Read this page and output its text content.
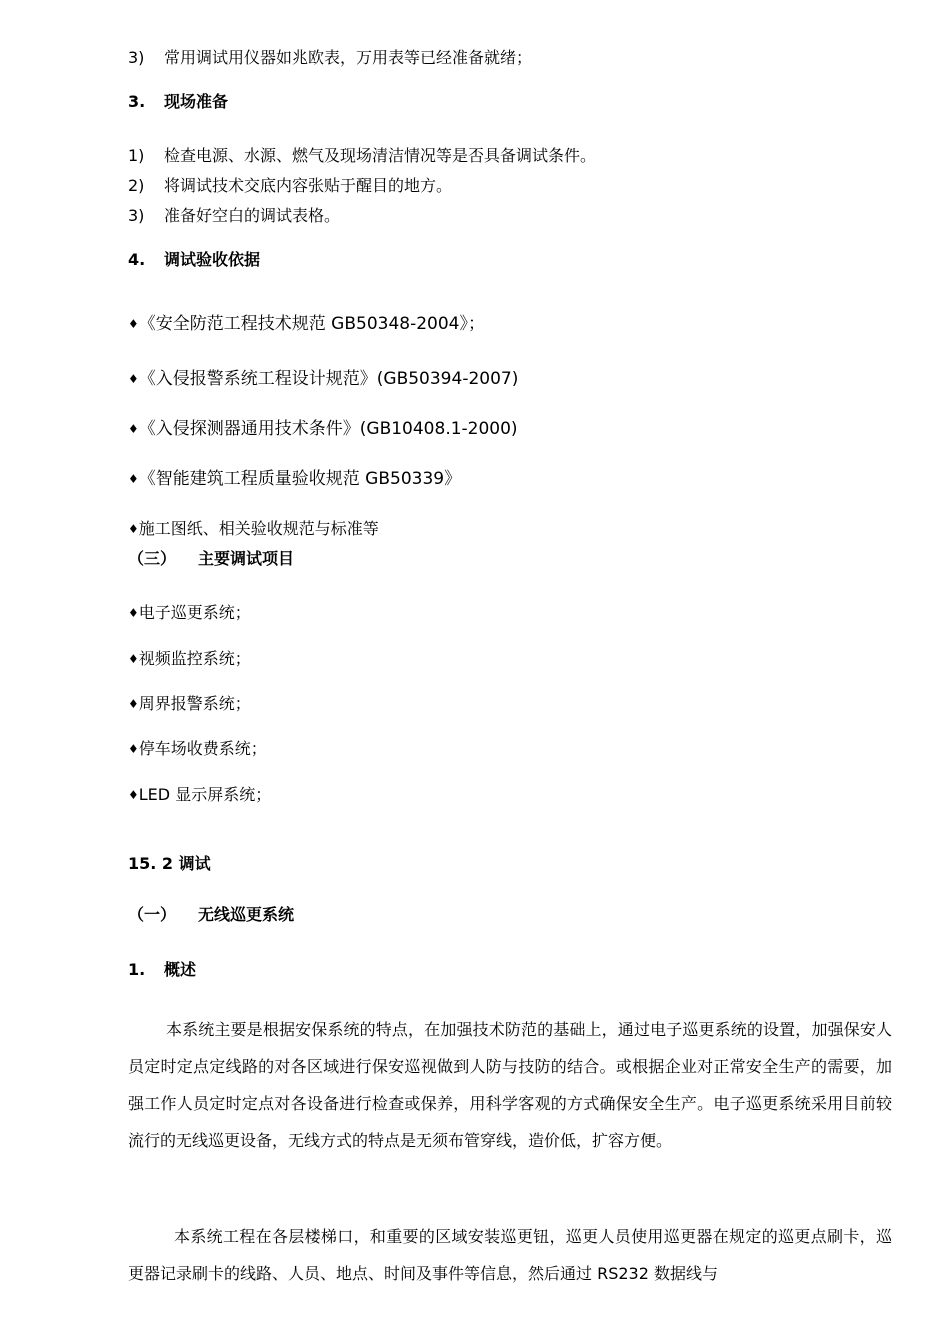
3) 常用调试用仪器如兆欧表，万用表等已经准备就绪；
3. 现场准备
1) 检查电源、水源、燃气及现场清洁情况等是否具备调试条件。
2) 将调试技术交底内容张贴于醒目的地方。
3) 准备好空白的调试表格。
4. 调试验收依据
♦《安全防范工程技术规范 GB50348-2004》；
♦《入侵报警系统工程设计规范》(GB50394-2007)
♦《入侵探测器通用技术条件》(GB10408.1-2000)
♦《智能建筑工程质量验收规范 GB50339》
♦施工图纸、相关验收规范与标准等
（三） 主要调试项目
♦电子巡更系统；
♦视频监控系统；
♦周界报警系统；
♦停车场收费系统；
♦LED 显示屏系统；
15. 2 调试
（一） 无线巡更系统
1. 概述

本系统主要是根据安保系统的特点，在加强技术防范的基础上，通过电子巡更系统的设置，加强保安人员定时定点定线路的对各区域进行保安巡视做到人防与技防的结合。或根据企业对正常安全生产的需要，加强工作人员定时定点对各设备进行检查或保养，用科学客观的方式确保安全生产。电子巡更系统采用目前较流行的无线巡更设备，无线方式的特点是无须布管穿线，造价低，扩容方便。

本系统工程在各层楼梯口，和重要的区域安装巡更钮，巡更人员使用巡更器在规定的巡更点刷卡，巡更器记录刷卡的线路、人员、地点、时间及事件等信息，然后通过 RS232 数据线与
